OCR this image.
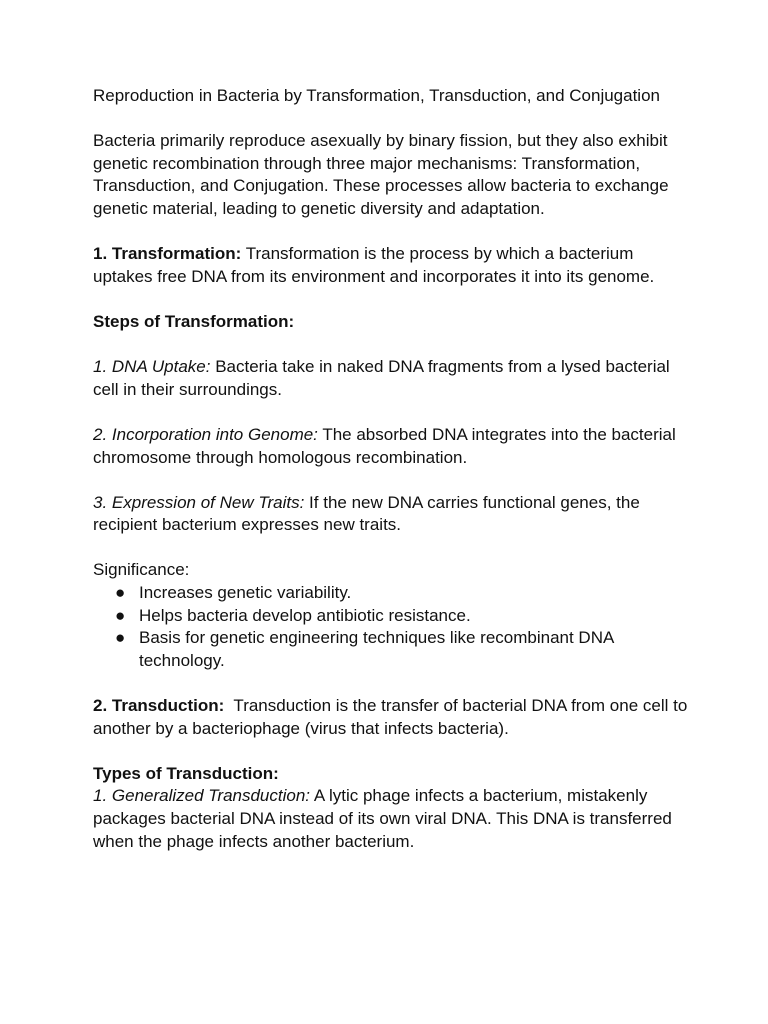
Reproduction in Bacteria by Transformation, Transduction, and Conjugation

Bacteria primarily reproduce asexually by binary fission, but they also exhibit genetic recombination through three major mechanisms: Transformation, Transduction, and Conjugation. These processes allow bacteria to exchange genetic material, leading to genetic diversity and adaptation.

1. Transformation: Transformation is the process by which a bacterium uptakes free DNA from its environment and incorporates it into its genome.

Steps of Transformation:

1. DNA Uptake: Bacteria take in naked DNA fragments from a lysed bacterial cell in their surroundings.

2. Incorporation into Genome: The absorbed DNA integrates into the bacterial chromosome through homologous recombination.

3. Expression of New Traits: If the new DNA carries functional genes, the recipient bacterium expresses new traits.

Significance:

● Increases genetic variability.
● Helps bacteria develop antibiotic resistance.
● Basis for genetic engineering techniques like recombinant DNA technology.

2. Transduction:  Transduction is the transfer of bacterial DNA from one cell to another by a bacteriophage (virus that infects bacteria).

Types of Transduction:

1. Generalized Transduction: A lytic phage infects a bacterium, mistakenly packages bacterial DNA instead of its own viral DNA. This DNA is transferred when the phage infects another bacterium.
